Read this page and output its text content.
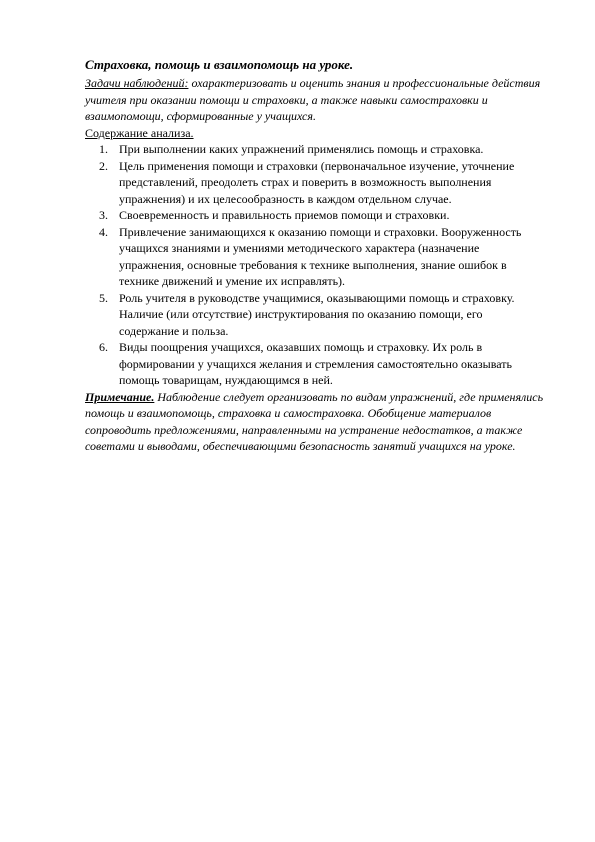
Страховка, помощь и взаимопомощь на уроке.

Задачи наблюдений: охарактеризовать и оценить знания и профессиональные действия учителя при оказании помощи и страховки, а также навыки самостраховки и взаимопомощи, сформированные у учащихся.

Содержание анализа.

1. При выполнении каких упражнений применялись помощь и страховка.
2. Цель применения помощи и страховки (первоначальное изучение, уточнение представлений, преодолеть страх и поверить в возможность выполнения упражнения) и их целесообразность в каждом отдельном случае.
3. Своевременность и правильность приемов помощи и страховки.
4. Привлечение занимающихся к оказанию помощи и страховки. Вооруженность учащихся знаниями и умениями методического характера (назначение упражнения, основные требования к технике выполнения, знание ошибок в технике движений и умение их исправлять).
5. Роль учителя в руководстве учащимися, оказывающими помощь и страховку. Наличие (или отсутствие) инструктирования по оказанию помощи, его содержание и польза.
6. Виды поощрения учащихся, оказавших помощь и страховку. Их роль в формировании у учащихся желания и стремления самостоятельно оказывать помощь товарищам, нуждающимся в ней.

Примечание. Наблюдение следует организовать по видам упражнений, где применялись помощь и взаимопомощь, страховка и самостраховка. Обобщение материалов сопроводить предложениями, направленными на устранение недостатков, а также советами и выводами, обеспечивающими безопасность занятий учащихся на уроке.
